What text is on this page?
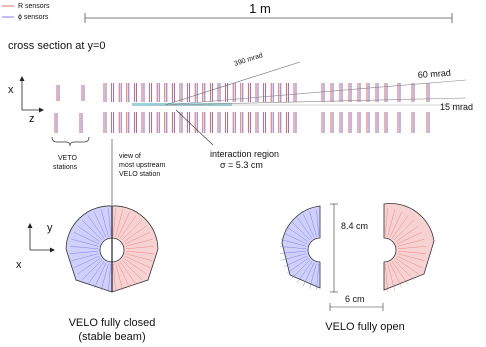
R sensors
ϕ sensors
1 m
cross section at y=0
x
z
390 mrad
60 mrad
15 mrad
VETO
stations
view of
most upstream
VELO station
interaction region
σ = 5.3 cm
y
x
VELO fully closed
(stable beam)
8.4 cm
6 cm
VELO fully open
